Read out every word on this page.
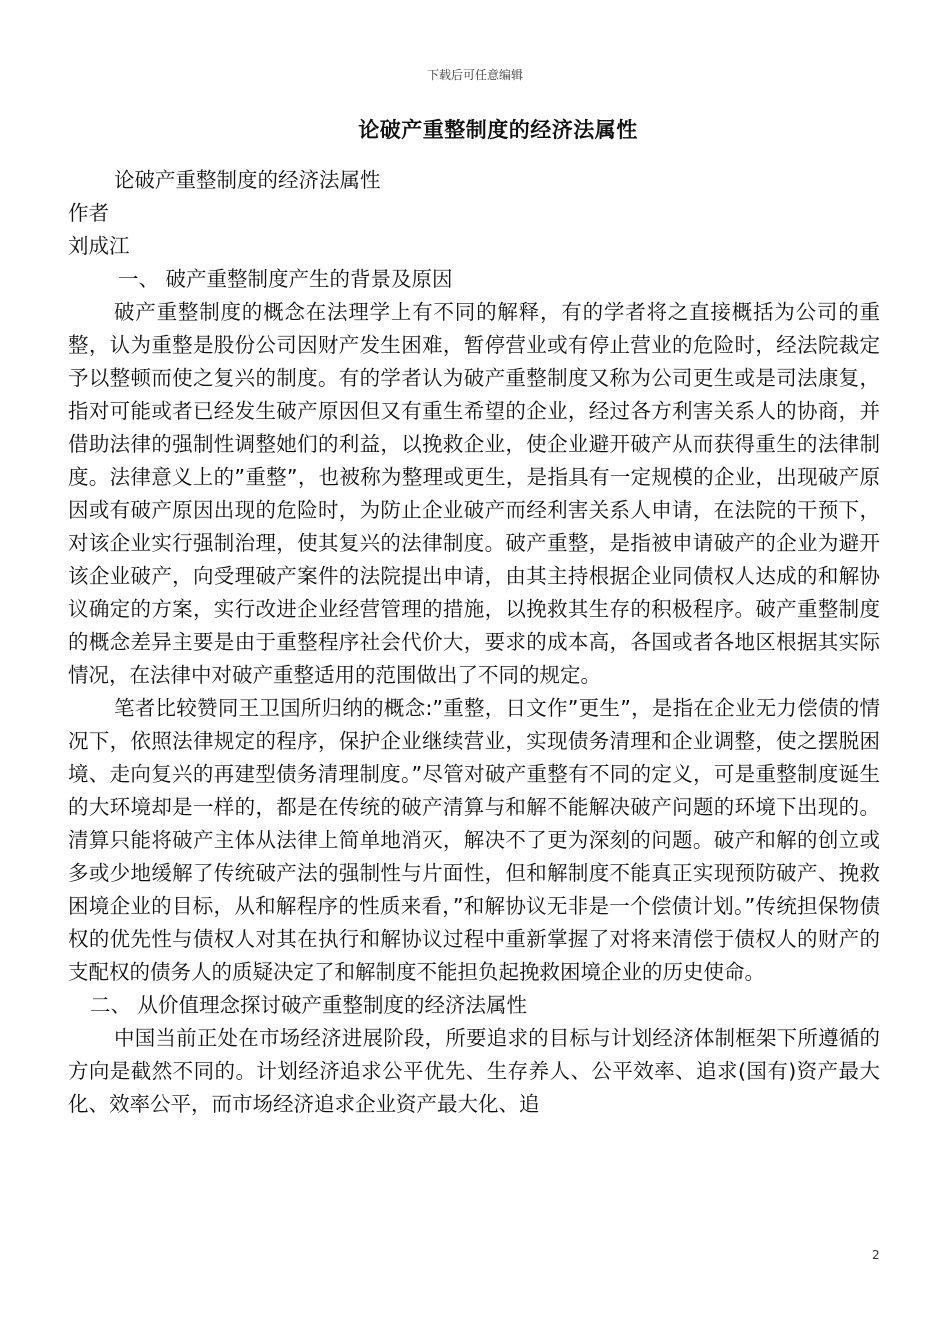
下载后可任意编辑
论破产重整制度的经济法属性

论破产重整制度的经济法属性

作者

刘成江

一、 破产重整制度产生的背景及原因

破产重整制度的概念在法理学上有不同的解释，有的学者将之直接概括为公司的重整，认为重整是股份公司因财产发生困难，暂停营业或有停止营业的危险时，经法院裁定予以整顿而使之复兴的制度。有的学者认为破产重整制度又称为公司更生或是司法康复，指对可能或者已经发生破产原因但又有重生希望的企业，经过各方利害关系人的协商，并借助法律的强制性调整她们的利益，以挽救企业，使企业避开破产从而获得重生的法律制度。法律意义上的”重整”，也被称为整理或更生，是指具有一定规模的企业，出现破产原因或有破产原因出现的危险时，为防止企业破产而经利害关系人申请，在法院的干预下，对该企业实行强制治理，使其复兴的法律制度。破产重整，是指被申请破产的企业为避开该企业破产，向受理破产案件的法院提出申请，由其主持根据企业同债权人达成的和解协议确定的方案，实行改进企业经营管理的措施，以挽救其生存的积极程序。破产重整制度的概念差异主要是由于重整程序社会代价大，要求的成本高，各国或者各地区根据其实际情况，在法律中对破产重整适用的范围做出了不同的规定。

笔者比较赞同王卫国所归纳的概念:”重整，日文作”更生”，是指在企业无力偿债的情况下，依照法律规定的程序，保护企业继续营业，实现债务清理和企业调整，使之摆脱困境、走向复兴的再建型债务清理制度。”尽管对破产重整有不同的定义，可是重整制度诞生的大环境却是一样的，都是在传统的破产清算与和解不能解决破产问题的环境下出现的。清算只能将破产主体从法律上简单地消灭，解决不了更为深刻的问题。破产和解的创立或多或少地缓解了传统破产法的强制性与片面性，但和解制度不能真正实现预防破产、挽救困境企业的目标，从和解程序的性质来看，”和解协议无非是一个偿债计划。”传统担保物债权的优先性与债权人对其在执行和解协议过程中重新掌握了对将来清偿于债权人的财产的支配权的债务人的质疑决定了和解制度不能担负起挽救困境企业的历史使命。

二、 从价值理念探讨破产重整制度的经济法属性

中国当前正处在市场经济进展阶段，所要追求的目标与计划经济体制框架下所遵循的方向是截然不同的。计划经济追求公平优先、生存养人、公平效率、追求(国有)资产最大化、效率公平，而市场经济追求企业资产最大化、追

2
